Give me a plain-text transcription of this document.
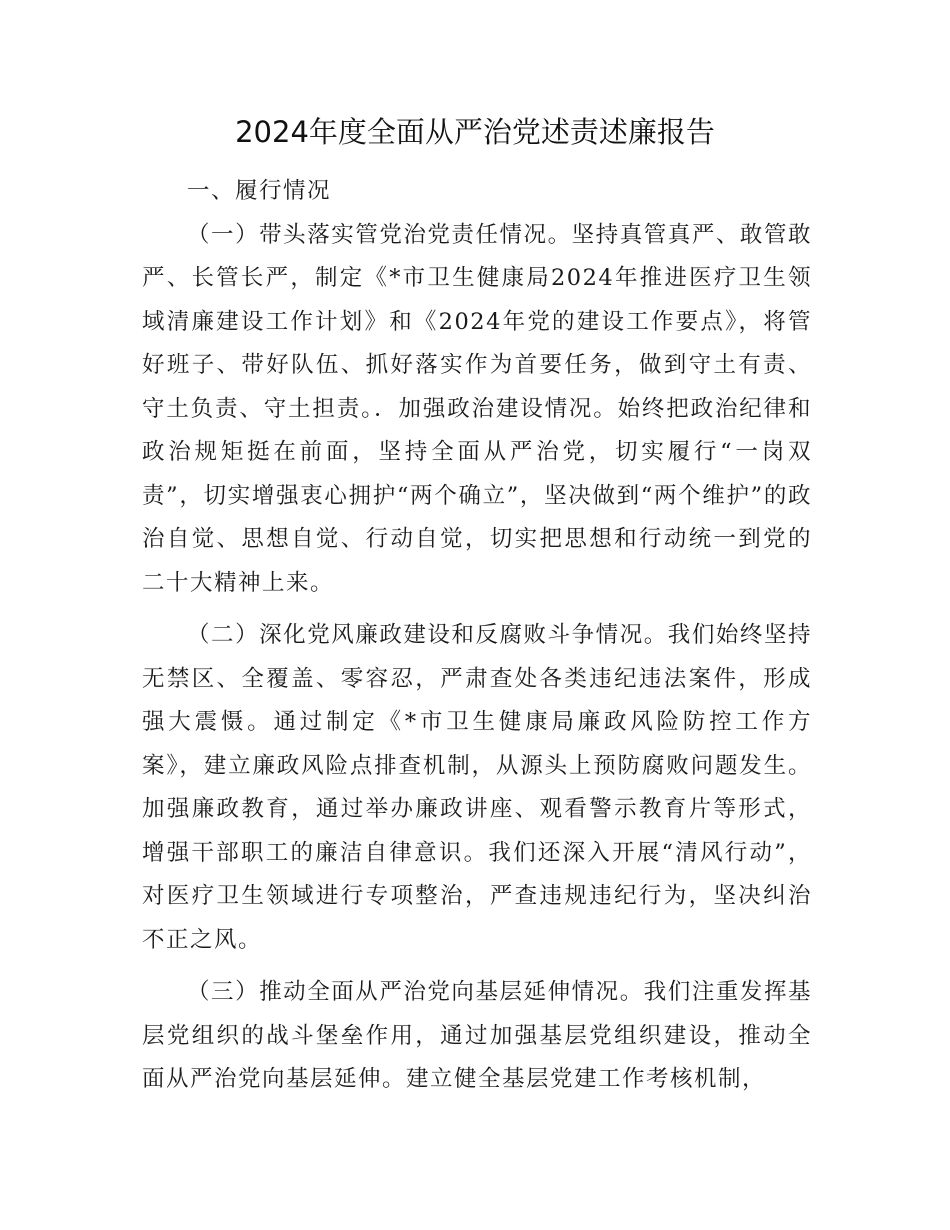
2024年度全面从严治党述责述廉报告

一、履行情况

（一）带头落实管党治党责任情况。坚持真管真严、敢管敢严、长管长严，制定《*市卫生健康局2024年推进医疗卫生领域清廉建设工作计划》和《2024年党的建设工作要点》，将管好班子、带好队伍、抓好落实作为首要任务，做到守土有责、守土负责、守土担责。．加强政治建设情况。始终把政治纪律和政治规矩挺在前面，坚持全面从严治党，切实履行“一岗双责”，切实增强衷心拥护“两个确立”，坚决做到“两个维护”的政治自觉、思想自觉、行动自觉，切实把思想和行动统一到党的二十大精神上来。

（二）深化党风廉政建设和反腐败斗争情况。我们始终坚持无禁区、全覆盖、零容忍，严肃查处各类违纪违法案件，形成强大震慑。通过制定《*市卫生健康局廉政风险防控工作方案》，建立廉政风险点排查机制，从源头上预防腐败问题发生。加强廉政教育，通过举办廉政讲座、观看警示教育片等形式，增强干部职工的廉洁自律意识。我们还深入开展“清风行动”，对医疗卫生领域进行专项整治，严查违规违纪行为，坚决纠治不正之风。

（三）推动全面从严治党向基层延伸情况。我们注重发挥基层党组织的战斗堡垒作用，通过加强基层党组织建设，推动全面从严治党向基层延伸。建立健全基层党建工作考核机制，
